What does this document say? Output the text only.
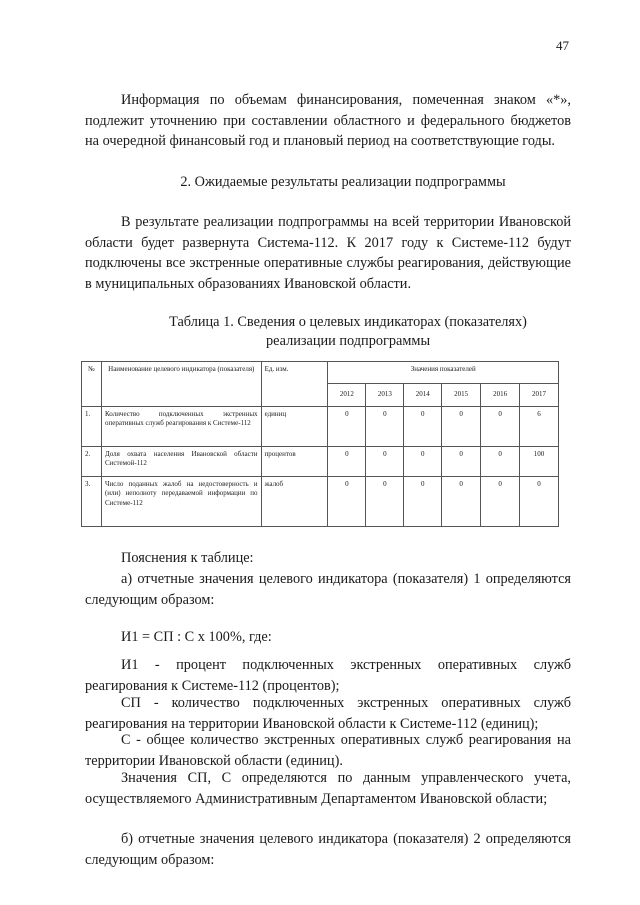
47

Информация по объемам финансирования, помеченная знаком «*», подлежит уточнению при составлении областного и федерального бюджетов на очередной финансовый год и плановый период на соответствующие годы.

2. Ожидаемые результаты реализации подпрограммы

В результате реализации подпрограммы на всей территории Ивановской области будет развернута Система-112. К 2017 году к Системе-112 будут подключены все экстренные оперативные службы реагирования, действующие в муниципальных образованиях Ивановской области.

Таблица 1. Сведения о целевых индикаторах (показателях)

реализации подпрограммы

№	Наименование целевого индикатора (показателя)	Ед. изм.	Значения показателей					
			2012	2013	2014	2015	2016	2017
1.	Количество подключенных экстренных оперативных служб реагирования к Системе-112	единиц	0	0	0	0	0	6
2.	Доля охвата населения Ивановской области Системой-112	процентов	0	0	0	0	0	100
3.	Число поданных жалоб на недостоверность и (или) неполноту передаваемой информации по Системе-112	жалоб	0	0	0	0	0	0

Пояснения к таблице:

а) отчетные значения целевого индикатора (показателя) 1 определяются следующим образом:

И1 = СП : С x 100%, где:

И1 - процент подключенных экстренных оперативных служб реагирования к Системе-112 (процентов);

СП - количество подключенных экстренных оперативных служб реагирования на территории Ивановской области к Системе-112 (единиц);

С - общее количество экстренных оперативных служб реагирования на территории Ивановской области (единиц).

Значения СП, С определяются по данным управленческого учета, осуществляемого Административным Департаментом Ивановской области;

б) отчетные значения целевого индикатора (показателя) 2 определяются следующим образом:
